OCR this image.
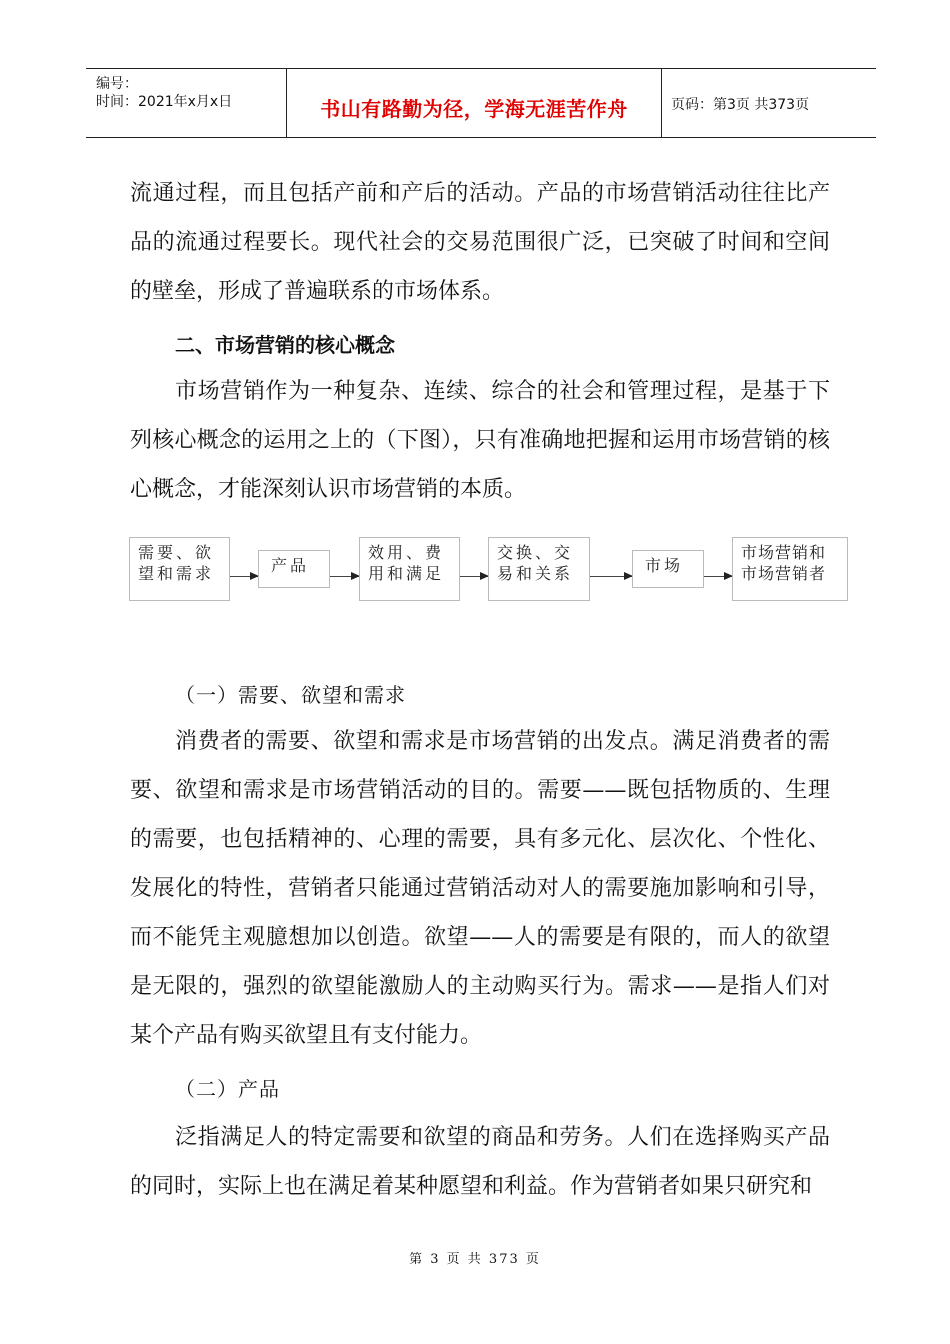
编号：
时间：2021年x月x日	书山有路勤为径，学海无涯苦作舟	页码：第3页 共373页
流通过程，而且包括产前和产后的活动。产品的市场营销活动往往比产品的流通过程要长。现代社会的交易范围很广泛，已突破了时间和空间的壁垒，形成了普遍联系的市场体系。
二、市场营销的核心概念
市场营销作为一种复杂、连续、综合的社会和管理过程，是基于下列核心概念的运用之上的（下图），只有准确地把握和运用市场营销的核心概念，才能深刻认识市场营销的本质。
需要、欲望和需求	产品
效用、费用和满足
交换、交易和关系	市场
市场营销和市场营销者
（一）需要、欲望和需求
消费者的需要、欲望和需求是市场营销的出发点。满足消费者的需要、欲望和需求是市场营销活动的目的。需要——既包括物质的、生理的需要，也包括精神的、心理的需要，具有多元化、层次化、个性化、发展化的特性，营销者只能通过营销活动对人的需要施加影响和引导，而不能凭主观臆想加以创造。欲望——人的需要是有限的，而人的欲望是无限的，强烈的欲望能激励人的主动购买行为。需求——是指人们对某个产品有购买欲望且有支付能力。
（二）产品
泛指满足人的特定需要和欲望的商品和劳务。人们在选择购买产品的同时，实际上也在满足着某种愿望和利益。作为营销者如果只研究和
第 3 页 共 373 页
